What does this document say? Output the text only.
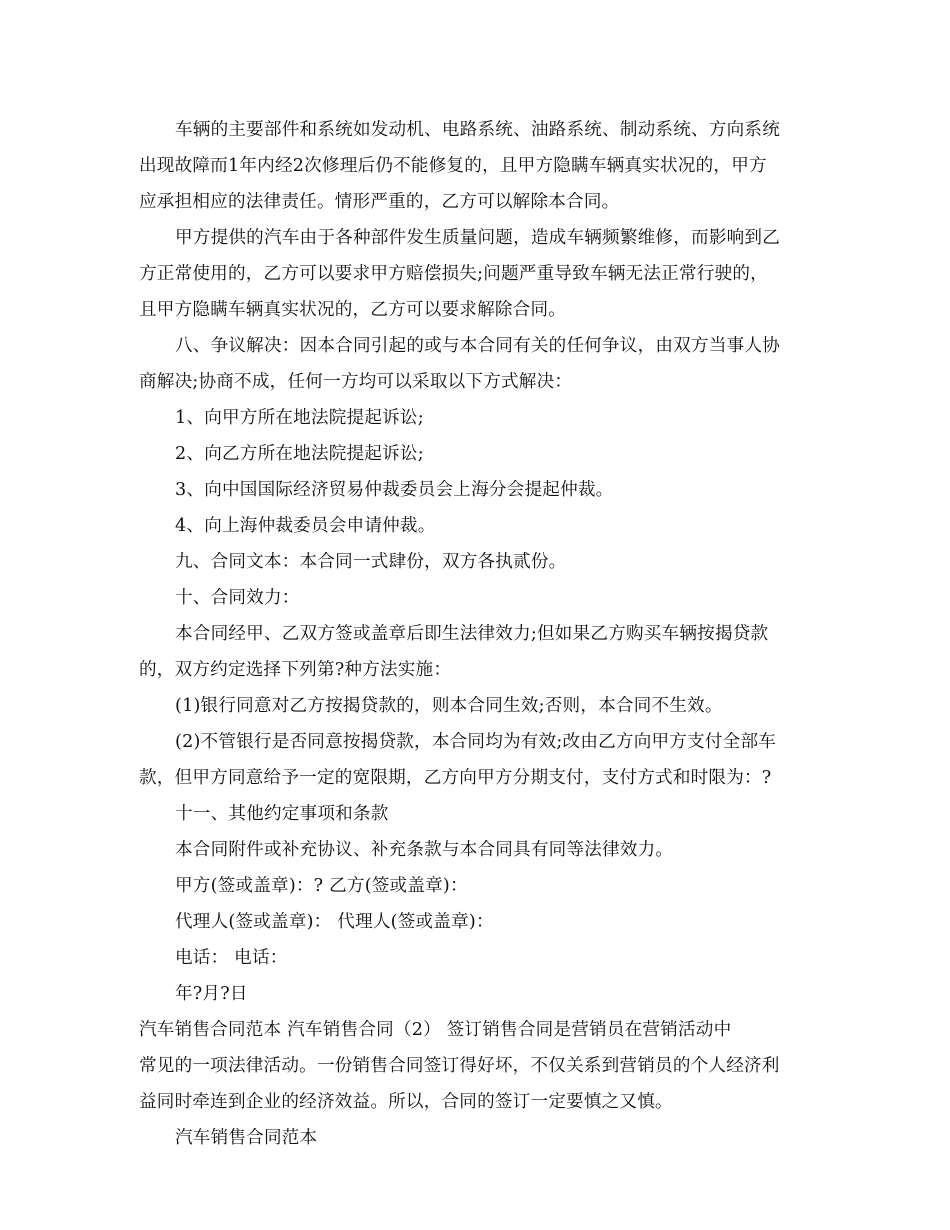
车辆的主要部件和系统如发动机、电路系统、油路系统、制动系统、方向系统
出现故障而1年内经2次修理后仍不能修复的，且甲方隐瞒车辆真实状况的，甲方
应承担相应的法律责任。情形严重的，乙方可以解除本合同。
甲方提供的汽车由于各种部件发生质量问题，造成车辆频繁维修，而影响到乙
方正常使用的，乙方可以要求甲方赔偿损失;问题严重导致车辆无法正常行驶的，
且甲方隐瞒车辆真实状况的，乙方可以要求解除合同。
八、争议解决：因本合同引起的或与本合同有关的任何争议，由双方当事人协
商解决;协商不成，任何一方均可以采取以下方式解决：
1、向甲方所在地法院提起诉讼;
2、向乙方所在地法院提起诉讼;
3、向中国国际经济贸易仲裁委员会上海分会提起仲裁。
4、向上海仲裁委员会申请仲裁。
九、合同文本：本合同一式肆份，双方各执贰份。
十、合同效力：
本合同经甲、乙双方签或盖章后即生法律效力;但如果乙方购买车辆按揭贷款
的，双方约定选择下列第?种方法实施：
(1)银行同意对乙方按揭贷款的，则本合同生效;否则，本合同不生效。
(2)不管银行是否同意按揭贷款，本合同均为有效;改由乙方向甲方支付全部车
款，但甲方同意给予一定的宽限期，乙方向甲方分期支付，支付方式和时限为：?
十一、其他约定事项和条款
本合同附件或补充协议、补充条款与本合同具有同等法律效力。
甲方(签或盖章)：? 乙方(签或盖章)：
代理人(签或盖章)： 代理人(签或盖章)：
电话： 电话：
年?月?日
汽车销售合同范本 汽车销售合同（2） 签订销售合同是营销员在营销活动中
常见的一项法律活动。一份销售合同签订得好坏，不仅关系到营销员的个人经济利
益同时牵连到企业的经济效益。所以，合同的签订一定要慎之又慎。
汽车销售合同范本
